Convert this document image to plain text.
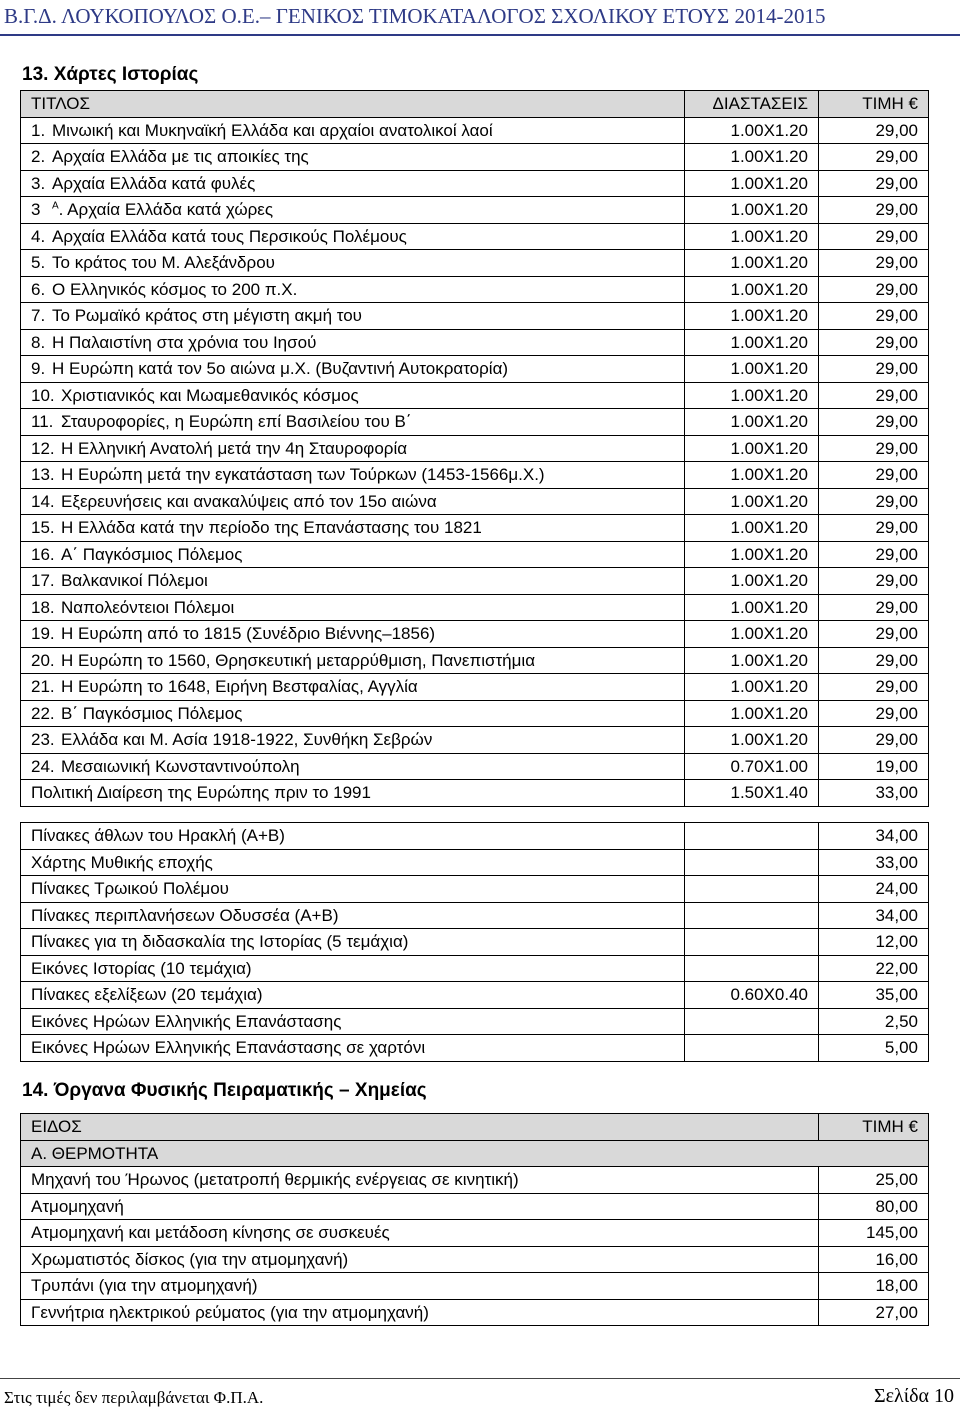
Β.Γ.Δ. ΛΟΥΚΟΠΟΥΛΟΣ Ο.Ε.– ΓΕΝΙΚΟΣ ΤΙΜΟΚΑΤΑΛΟΓΟΣ ΣΧΟΛΙΚΟΥ ΕΤΟΥΣ 2014-2015
13. Χάρτες Ιστορίας
ΤΙΤΛΟΣ	ΔΙΑΣΤΑΣΕΙΣ	ΤΙΜΗ €
1. Μινωική και Μυκηναϊκή Ελλάδα και αρχαίοι ανατολικοί λαοί	1.00Χ1.20	29,00
2. Αρχαία Ελλάδα με τις αποικίες της	1.00Χ1.20	29,00
3. Αρχαία Ελλάδα κατά φυλές	1.00Χ1.20	29,00
3 $^A$. Αρχαία Ελλάδα κατά χώρες	1.00Χ1.20	29,00
4. Αρχαία Ελλάδα κατά τους Περσικούς Πολέμους	1.00Χ1.20	29,00
5. Το κράτος του Μ. Αλεξάνδρου	1.00Χ1.20	29,00
6. Ο Ελληνικός κόσμος το 200 π.Χ.	1.00Χ1.20	29,00
7. Το Ρωμαϊκό κράτος στη μέγιστη ακμή του	1.00Χ1.20	29,00
8. Η Παλαιστίνη στα χρόνια του Ιησού	1.00Χ1.20	29,00
9. Η Ευρώπη κατά τον 5ο αιώνα μ.Χ. (Βυζαντινή Αυτοκρατορία)	1.00Χ1.20	29,00
10. Χριστιανικός και Μωαμεθανικός κόσμος	1.00Χ1.20	29,00
11. Σταυροφορίες, η Ευρώπη επί Βασιλείου του Β΄	1.00Χ1.20	29,00
12. Η Ελληνική Ανατολή μετά την 4η Σταυροφορία	1.00Χ1.20	29,00
13. Η Ευρώπη μετά την εγκατάσταση των Τούρκων (1453-1566μ.Χ.)	1.00Χ1.20	29,00
14. Εξερευνήσεις και ανακαλύψεις από τον 15ο αιώνα	1.00Χ1.20	29,00
15. Η Ελλάδα κατά την περίοδο της Επανάστασης του 1821	1.00Χ1.20	29,00
16. Α΄ Παγκόσμιος Πόλεμος	1.00Χ1.20	29,00
17. Βαλκανικοί Πόλεμοι	1.00Χ1.20	29,00
18. Ναπολεόντειοι Πόλεμοι	1.00Χ1.20	29,00
19. Η Ευρώπη από το 1815 (Συνέδριο Βιέννης–1856)	1.00Χ1.20	29,00
20. Η Ευρώπη το 1560, Θρησκευτική μεταρρύθμιση, Πανεπιστήμια	1.00Χ1.20	29,00
21. Η Ευρώπη το 1648, Ειρήνη Βεστφαλίας, Αγγλία	1.00Χ1.20	29,00
22. Β΄ Παγκόσμιος Πόλεμος	1.00Χ1.20	29,00
23. Ελλάδα και Μ. Ασία 1918-1922, Συνθήκη Σεβρών	1.00Χ1.20	29,00
24. Μεσαιωνική Κωνσταντινούπολη	0.70Χ1.00	19,00
Πολιτική Διαίρεση της Ευρώπης πριν το 1991	1.50Χ1.40	33,00
Πίνακες άθλων του Ηρακλή (Α+Β)		34,00
Χάρτης Μυθικής εποχής		33,00
Πίνακες Τρωικού Πολέμου		24,00
Πίνακες περιπλανήσεων Οδυσσέα (Α+Β)		34,00
Πίνακες για τη διδασκαλία της Ιστορίας (5 τεμάχια)		12,00
Εικόνες Ιστορίας (10 τεμάχια)		22,00
Πίνακες εξελίξεων (20 τεμάχια)	0.60Χ0.40	35,00
Εικόνες Ηρώων Ελληνικής Επανάστασης		2,50
Εικόνες Ηρώων Ελληνικής Επανάστασης σε χαρτόνι		5,00
14. Όργανα Φυσικής Πειραματικής – Χημείας
ΕΙΔΟΣ	ΤΙΜΗ €
Α. ΘΕΡΜΟΤΗΤΑ	
Μηχανή του Ήρωνος (μετατροπή θερμικής ενέργειας σε κινητική)	25,00
Ατμομηχανή	80,00
Ατμομηχανή και μετάδοση κίνησης σε συσκευές	145,00
Χρωματιστός δίσκος (για την ατμομηχανή)	16,00
Τρυπάνι (για την ατμομηχανή)	18,00
Γεννήτρια ηλεκτρικού ρεύματος (για την ατμομηχανή)	27,00
Στις τιμές δεν περιλαμβάνεται Φ.Π.Α.	Σελίδα 10
